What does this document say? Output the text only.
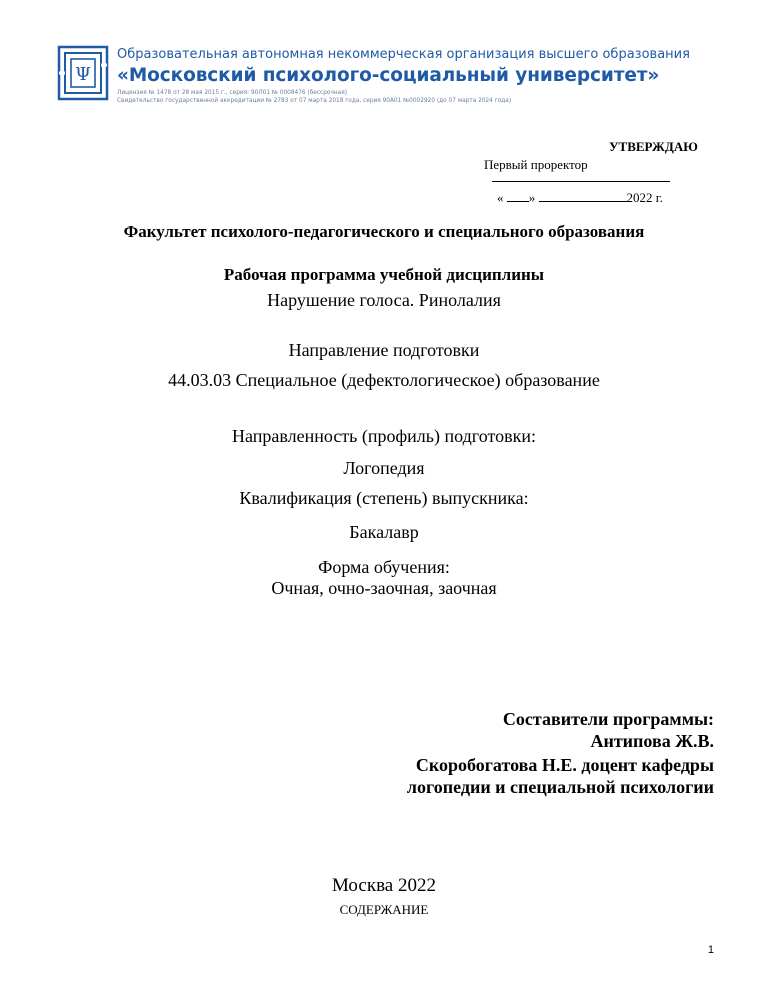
Ψ
Образовательная автономная некоммерческая организация высшего образования
«Московский психолого-социальный университет»
Лицензия № 1478 от 28 мая 2015 г., серия: 90Л01 № 0008476 (бессрочная)
Свидетельство государственной аккредитации № 2783 от 07 марта 2018 года, серия 90А01 №0002920 (до 07 марта 2024 года)
УТВЕРЖДАЮ
Первый проректор
« »	2022 г.
Факультет психолого-педагогического и специального образования
Рабочая программа учебной дисциплины
Нарушение голоса. Ринолалия
Направление подготовки
44.03.03 Специальное (дефектологическое) образование
Направленность (профиль) подготовки:
Логопедия
Квалификация (степень) выпускника:
Бакалавр
Форма обучения:
Очная, очно-заочная, заочная
Составители программы:
Антипова Ж.В.
Скоробогатова Н.Е. доцент кафедры
логопедии и специальной психологии
Москва 2022
СОДЕРЖАНИЕ
1
